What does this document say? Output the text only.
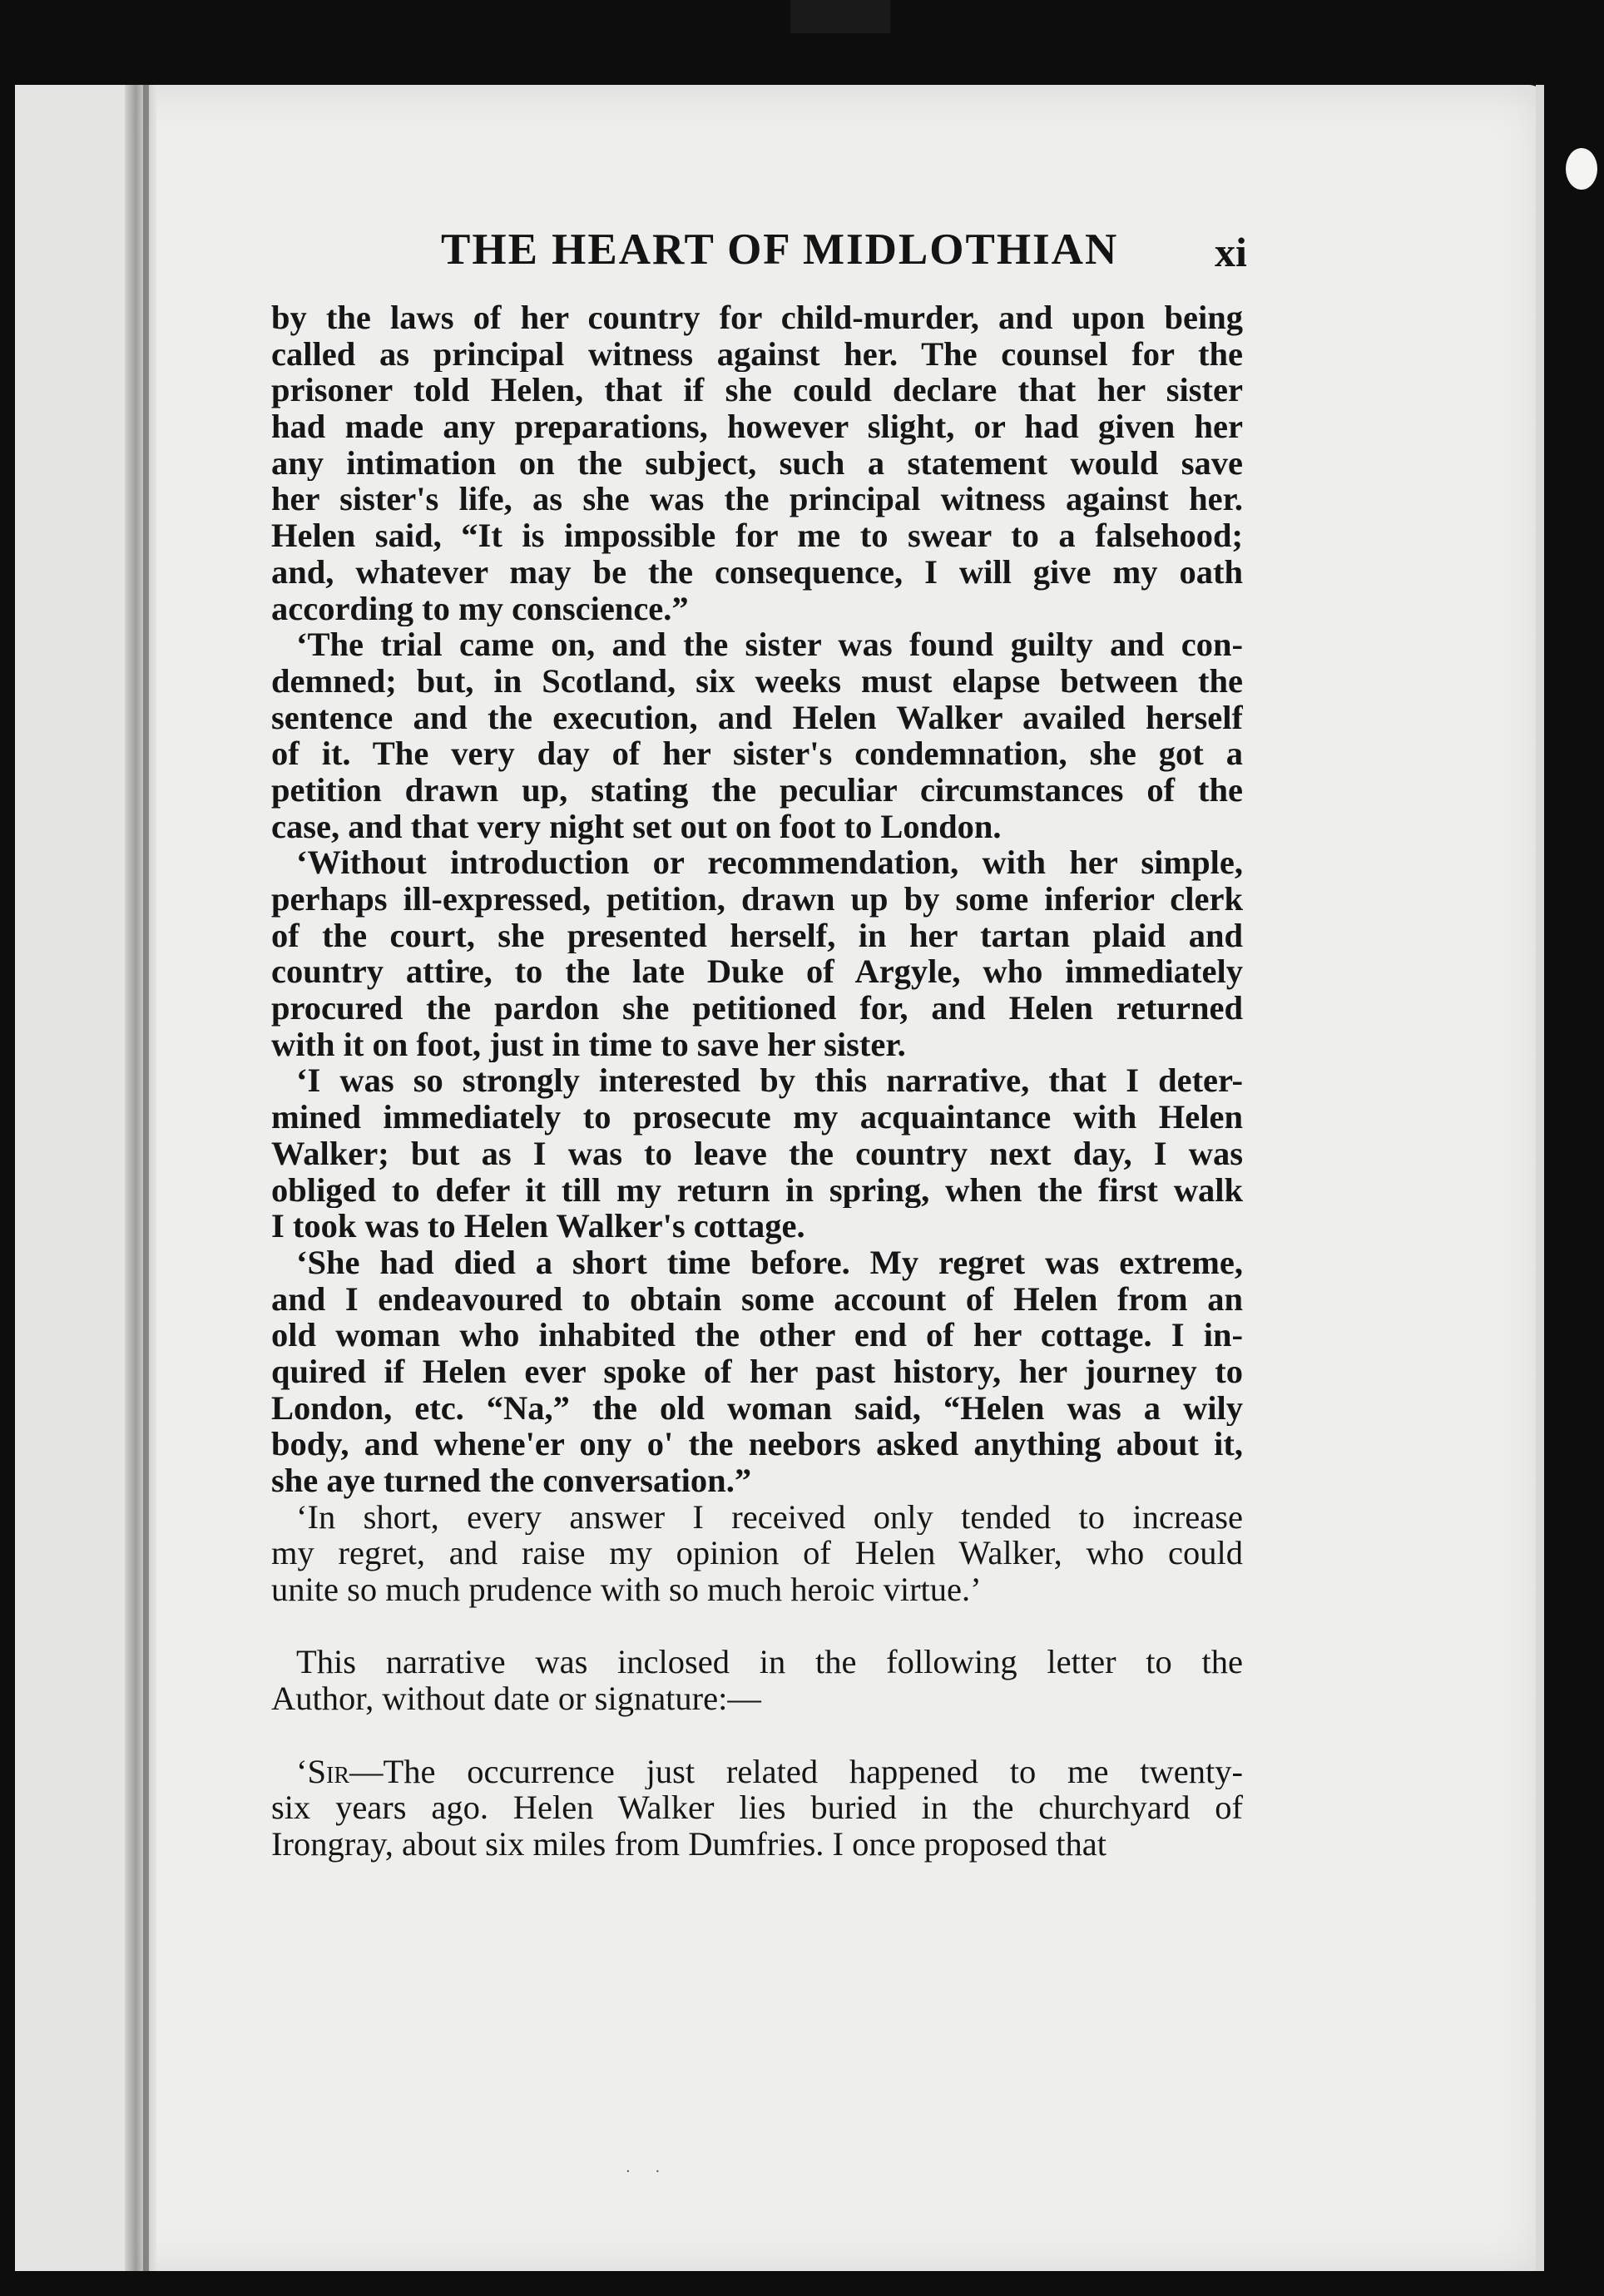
THE HEART OF MIDLOTHIAN xi
by the laws of her country for child-murder, and upon being
called as principal witness against her. The counsel for the
prisoner told Helen, that if she could declare that her sister
had made any preparations, however slight, or had given her
any intimation on the subject, such a statement would save
her sister's life, as she was the principal witness against her.
Helen said, “It is impossible for me to swear to a falsehood;
and, whatever may be the consequence, I will give my oath
according to my conscience.”
‘The trial came on, and the sister was found guilty and con-
demned; but, in Scotland, six weeks must elapse between the
sentence and the execution, and Helen Walker availed herself
of it. The very day of her sister's condemnation, she got a
petition drawn up, stating the peculiar circumstances of the
case, and that very night set out on foot to London.
‘Without introduction or recommendation, with her simple,
perhaps ill-expressed, petition, drawn up by some inferior clerk
of the court, she presented herself, in her tartan plaid and
country attire, to the late Duke of Argyle, who immediately
procured the pardon she petitioned for, and Helen returned
with it on foot, just in time to save her sister.
‘I was so strongly interested by this narrative, that I deter-
mined immediately to prosecute my acquaintance with Helen
Walker; but as I was to leave the country next day, I was
obliged to defer it till my return in spring, when the first walk
I took was to Helen Walker's cottage.
‘She had died a short time before. My regret was extreme,
and I endeavoured to obtain some account of Helen from an
old woman who inhabited the other end of her cottage. I in-
quired if Helen ever spoke of her past history, her journey to
London, etc. “Na,” the old woman said, “Helen was a wily
body, and whene'er ony o' the neebors asked anything about it,
she aye turned the conversation.”
‘In short, every answer I received only tended to increase
my regret, and raise my opinion of Helen Walker, who could
unite so much prudence with so much heroic virtue.’
This narrative was inclosed in the following letter to the
Author, without date or signature:—
‘Sir—The occurrence just related happened to me twenty-
six years ago. Helen Walker lies buried in the churchyard of
Irongray, about six miles from Dumfries. I once proposed that
· ·
